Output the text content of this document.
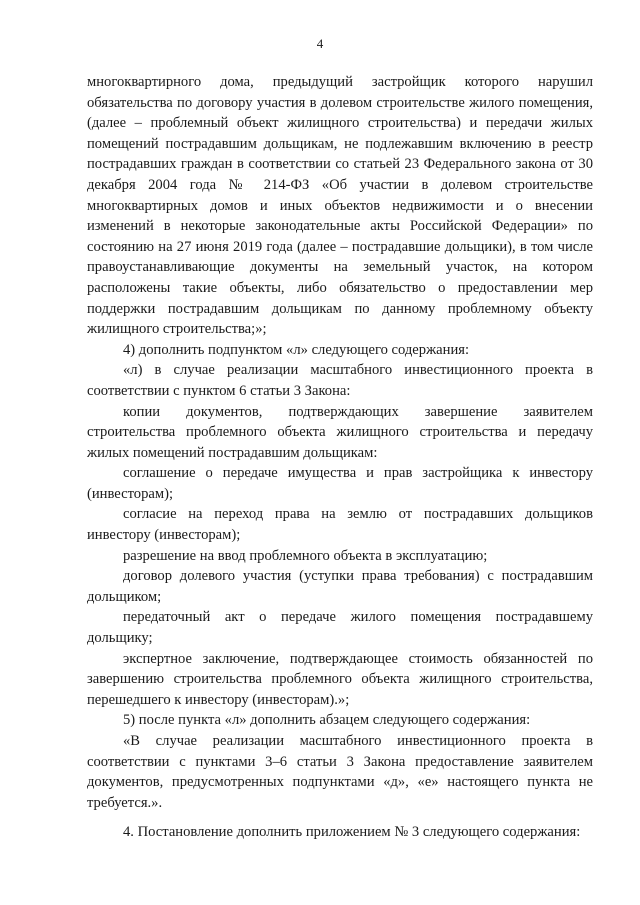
4

многоквартирного дома, предыдущий застройщик которого нарушил обязательства по договору участия в долевом строительстве жилого помещения, (далее – проблемный объект жилищного строительства) и передачи жилых помещений пострадавшим дольщикам, не подлежавшим включению в реестр пострадавших граждан в соответствии со статьей 23 Федерального закона от 30 декабря 2004 года № 214-ФЗ «Об участии в долевом строительстве многоквартирных домов и иных объектов недвижимости и о внесении изменений в некоторые законодательные акты Российской Федерации» по состоянию на 27 июня 2019 года (далее – пострадавшие дольщики), в том числе правоустанавливающие документы на земельный участок, на котором расположены такие объекты, либо обязательство о предоставлении мер поддержки пострадавшим дольщикам по данному проблемному объекту жилищного строительства;»;

4) дополнить подпунктом «л» следующего содержания:

«л) в случае реализации масштабного инвестиционного проекта в соответствии с пунктом 6 статьи 3 Закона:

копии документов, подтверждающих завершение заявителем строительства проблемного объекта жилищного строительства и передачу жилых помещений пострадавшим дольщикам:

соглашение о передаче имущества и прав застройщика к инвестору (инвесторам);

согласие на переход права на землю от пострадавших дольщиков инвестору (инвесторам);

разрешение на ввод проблемного объекта в эксплуатацию;

договор долевого участия (уступки права требования) с пострадавшим дольщиком;

передаточный акт о передаче жилого помещения пострадавшему дольщику;

экспертное заключение, подтверждающее стоимость обязанностей по завершению строительства проблемного объекта жилищного строительства, перешедшего к инвестору (инвесторам).»;

5) после пункта «л» дополнить абзацем следующего содержания:

«В случае реализации масштабного инвестиционного проекта в соответствии с пунктами 3–6 статьи 3 Закона предоставление заявителем документов, предусмотренных подпунктами «д», «е» настоящего пункта не требуется.».

4. Постановление дополнить приложением № 3 следующего содержания:
